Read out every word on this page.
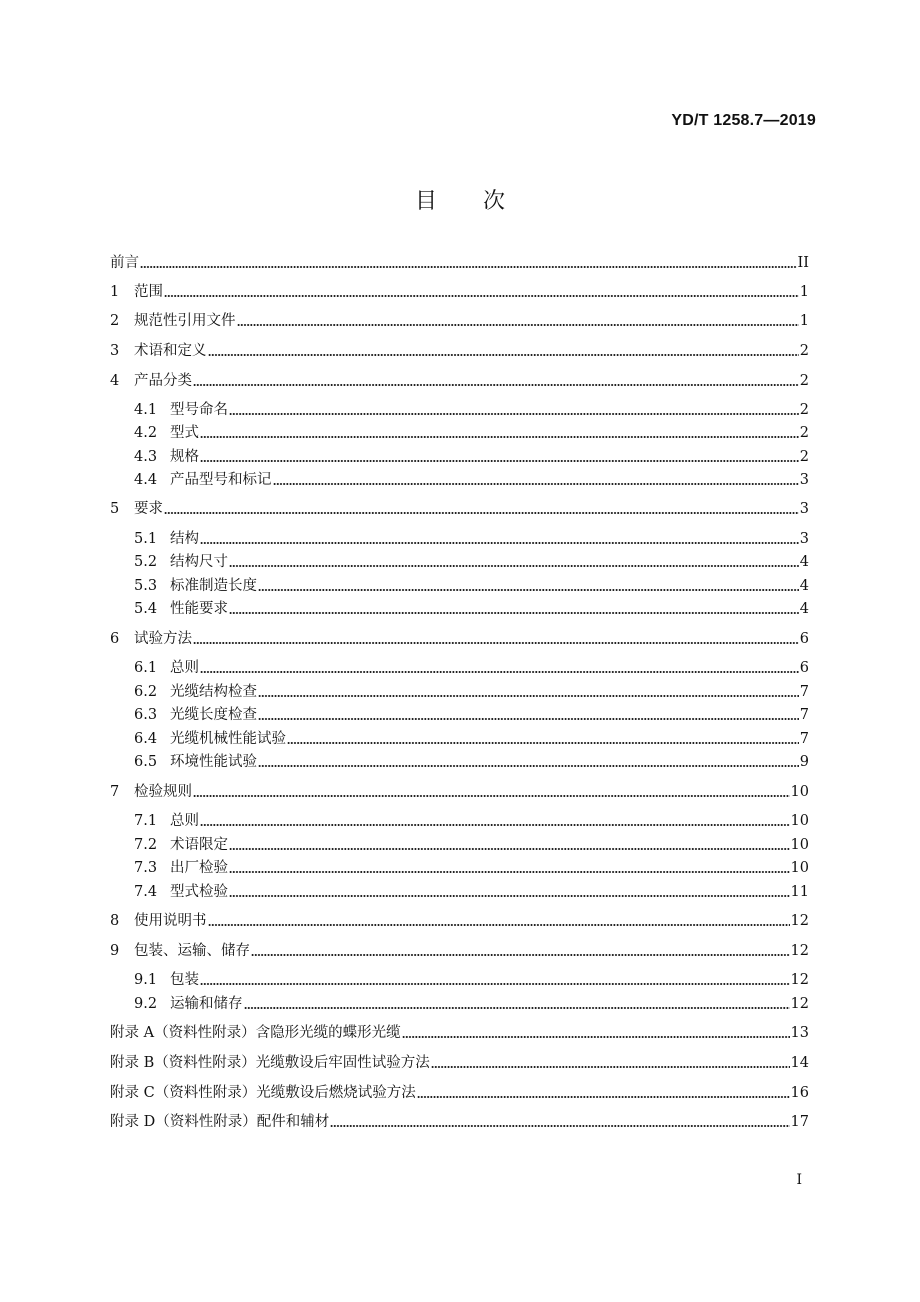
YD/T 1258.7—2019
目 次
前言	II
1	范围	1
2	规范性引用文件	1
3	术语和定义	2
4	产品分类	2
4.1 型号命名	2
4.2 型式	2
4.3 规格	2
4.4 产品型号和标记	3
5	要求	3
5.1 结构	3
5.2 结构尺寸	4
5.3 标准制造长度	4
5.4 性能要求	4
6	试验方法	6
6.1 总则	6
6.2 光缆结构检查	7
6.3 光缆长度检查	7
6.4 光缆机械性能试验	7
6.5 环境性能试验	9
7	检验规则	10
7.1 总则	10
7.2 术语限定	10
7.3 出厂检验	10
7.4 型式检验	11
8	使用说明书	12
9	包装、运输、储存	12
9.1 包装	12
9.2 运输和储存	12
附录 A（资料性附录）含隐形光缆的蝶形光缆	13
附录 B（资料性附录）光缆敷设后牢固性试验方法	14
附录 C（资料性附录）光缆敷设后燃烧试验方法	16
附录 D（资料性附录）配件和辅材	17
I
